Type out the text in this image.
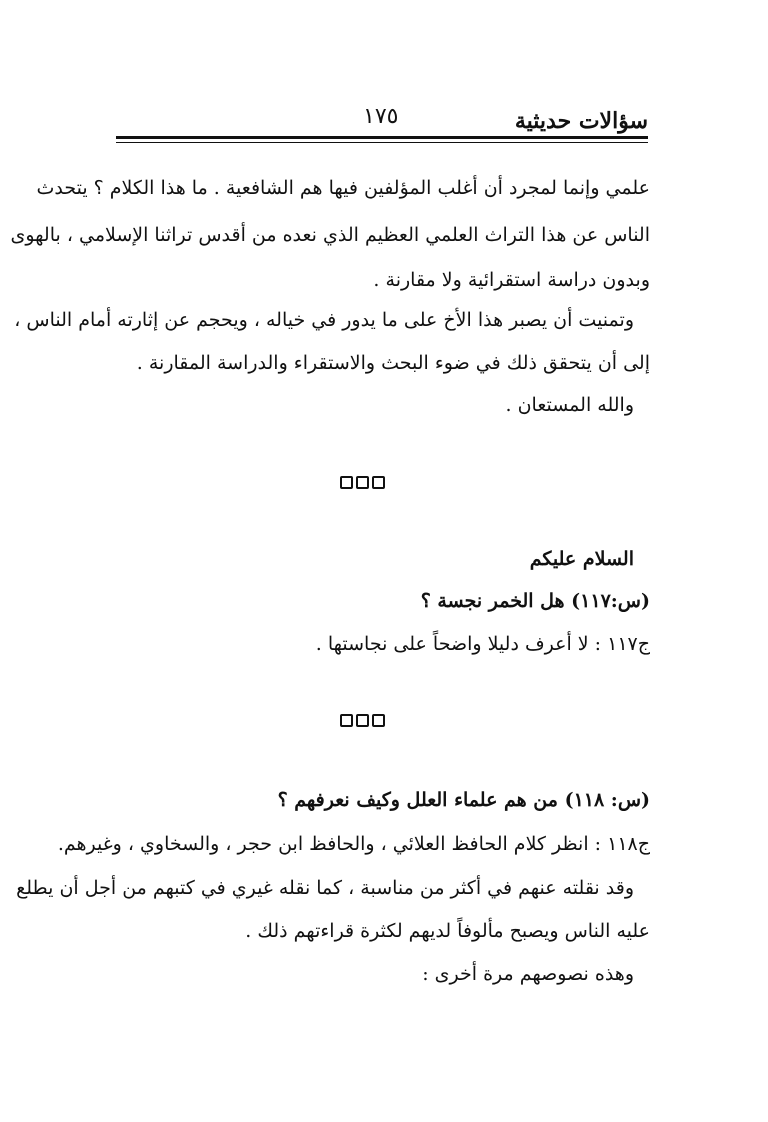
سؤالات حديثية
١٧٥
علمي وإنما لمجرد أن أغلب المؤلفين فيها هم الشافعية . ما هذا الكلام ؟ يتحدث
الناس عن هذا التراث العلمي العظيم الذي نعده من أقدس تراثنا الإسلامي ، بالهوى
وبدون دراسة استقرائية ولا مقارنة .
وتمنيت أن يصبر هذا الأخ على ما يدور في خياله ، ويحجم عن إثارته أمام الناس ،
إلى أن يتحقق ذلك في ضوء البحث والاستقراء والدراسة المقارنة .
والله المستعان .
السلام عليكم
(س:١١٧) هل الخمر نجسة ؟
ج١١٧ : لا أعرف دليلا واضحاً على نجاستها .
(س: ١١٨) من هم علماء العلل وكيف نعرفهم ؟
ج١١٨ : انظر كلام الحافظ العلائي ، والحافظ ابن حجر ، والسخاوي ، وغيرهم.
وقد نقلته عنهم في أكثر من مناسبة ، كما نقله غيري في كتبهم من أجل أن يطلع
عليه الناس ويصبح مألوفاً لديهم لكثرة قراءتهم ذلك .
وهذه نصوصهم مرة أخرى :
